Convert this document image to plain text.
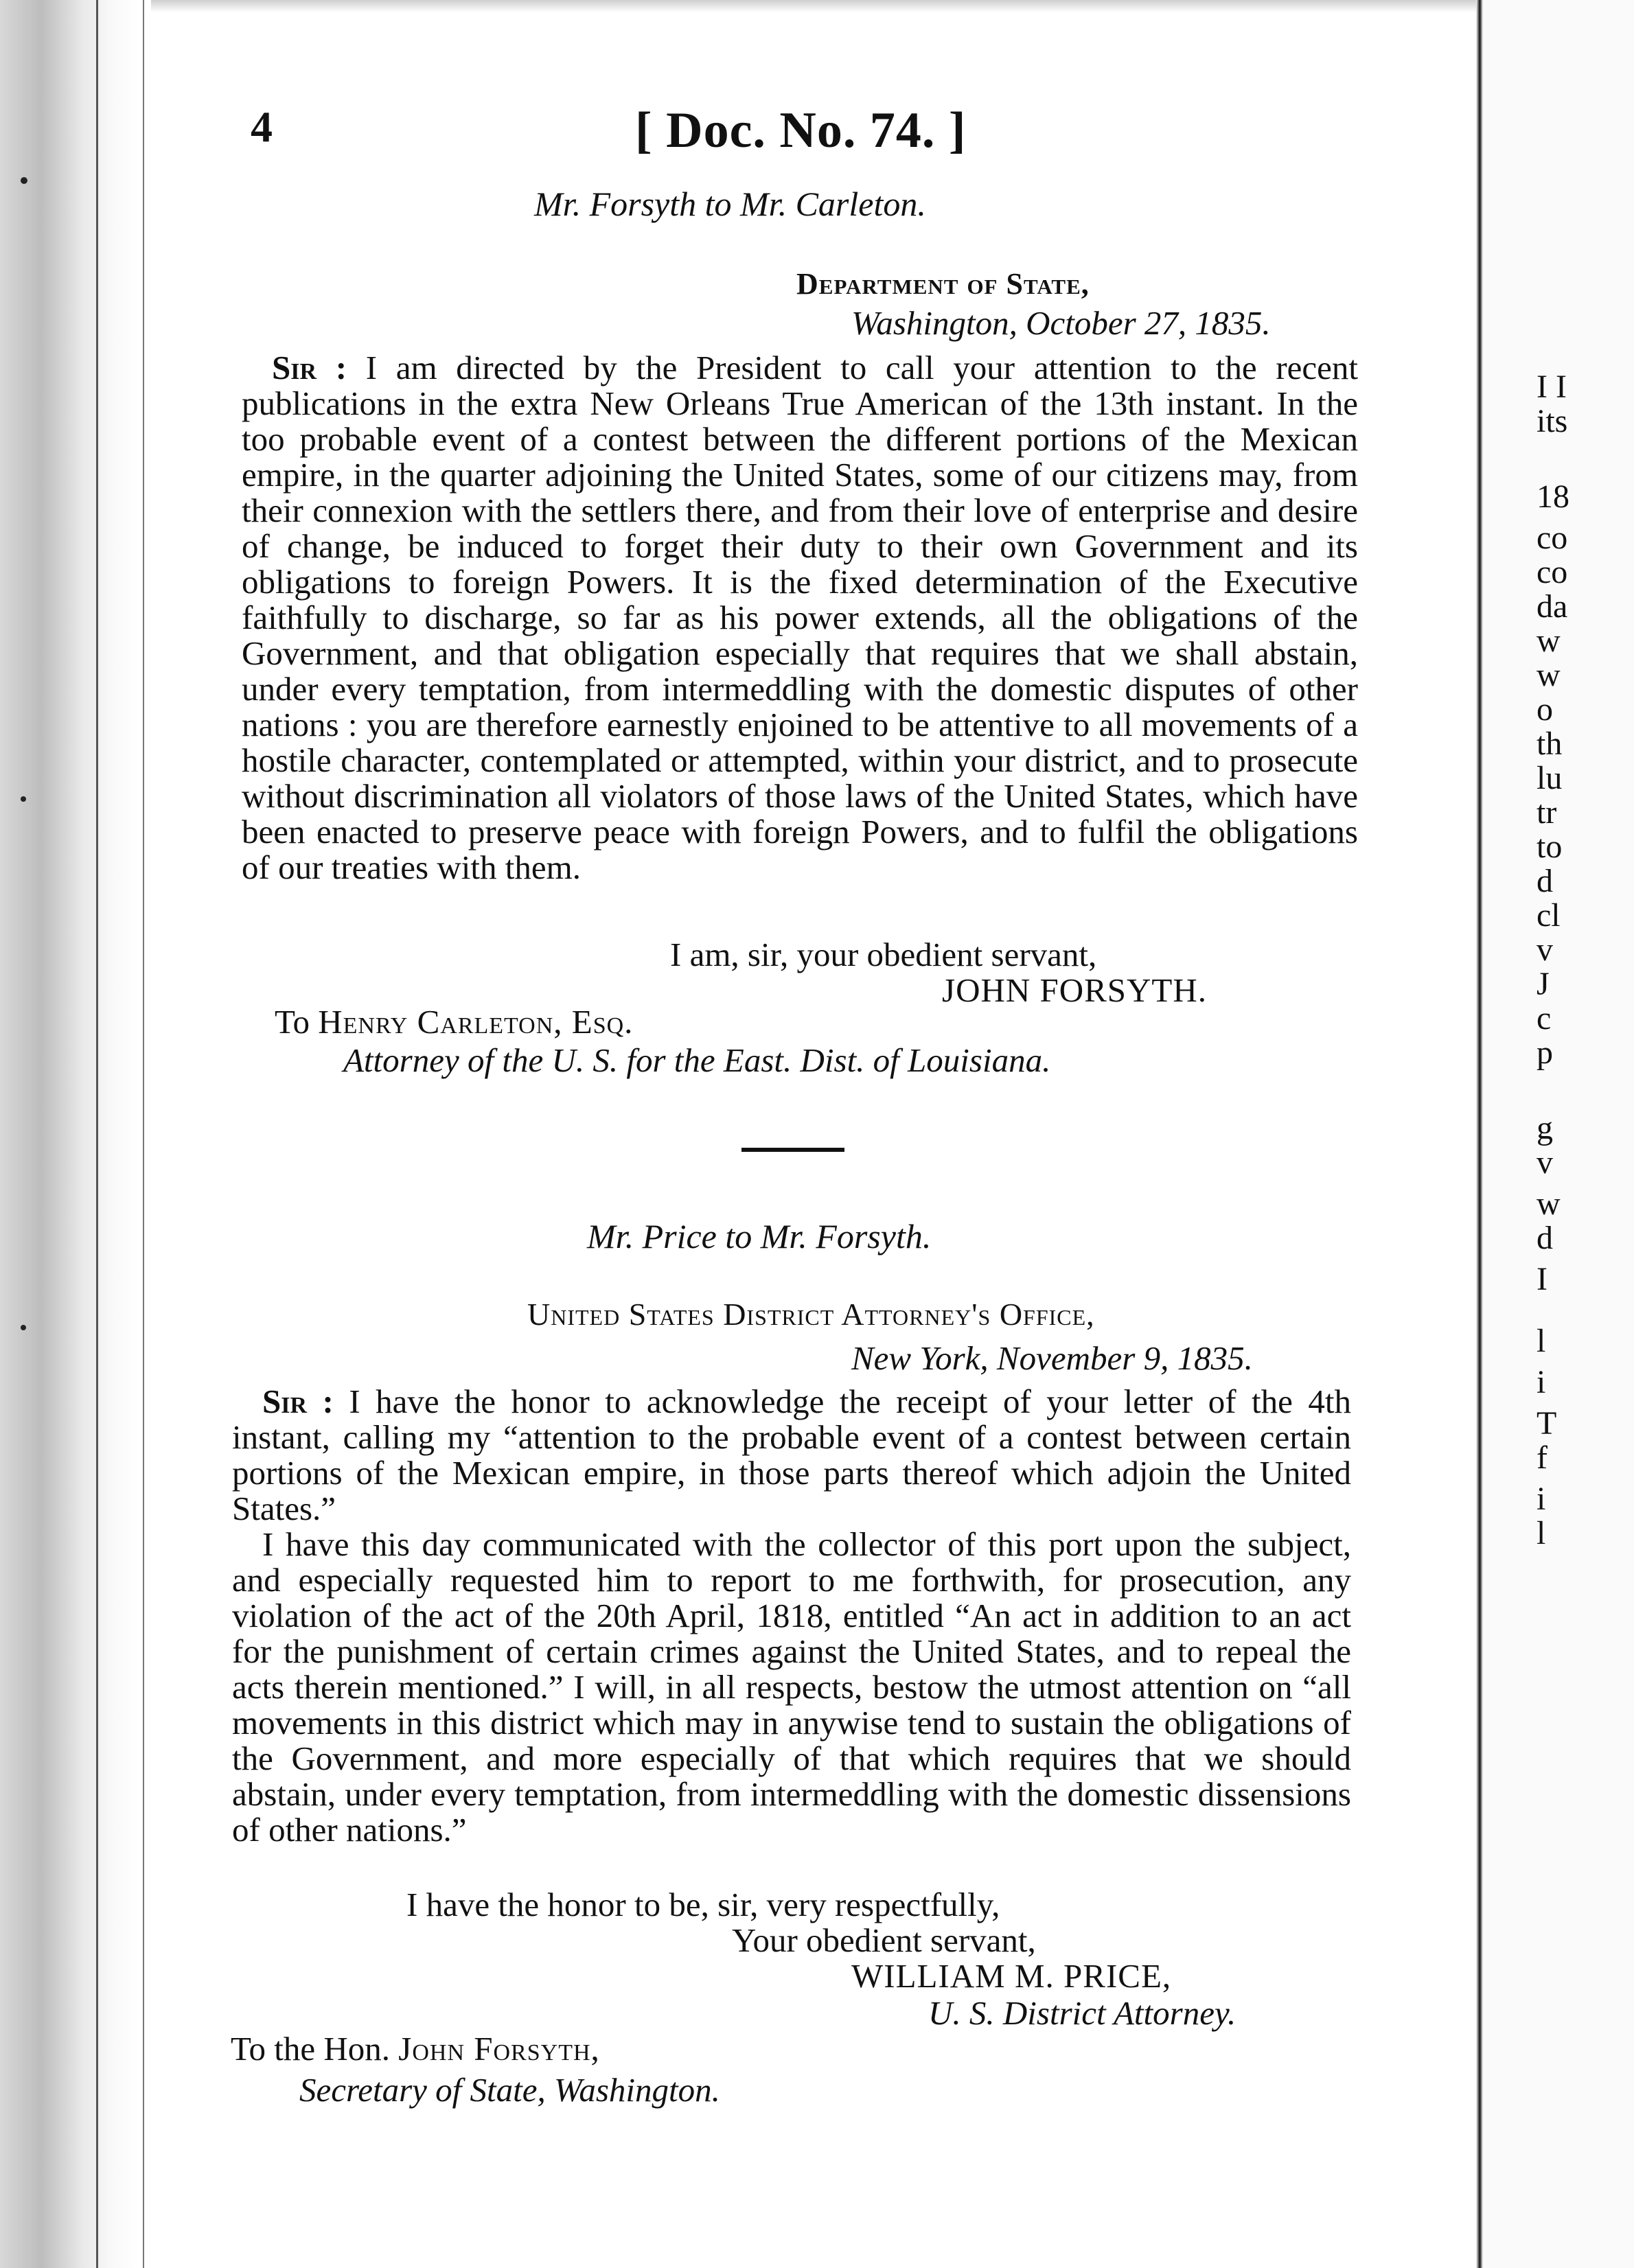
I I
its
18
co
co
da
w
w
o
th
lu
tr
to
d
cl
v
J
c
p
g
v
w
d
I
l
i
T
f
i
l
4	[ Doc. No. 74. ]
Mr. Forsyth to Mr. Carleton.
Department of State,
Washington, October 27, 1835.

Sir : I am directed by the President to call your attention to the recent publications in the extra New Orleans True American of the 13th instant. In the too probable event of a contest between the different portions of the Mexican empire, in the quarter adjoining the United States, some of our citizens may, from their connexion with the settlers there, and from their love of enterprise and desire of change, be induced to forget their duty to their own Government and its obligations to foreign Powers. It is the fixed determination of the Executive faithfully to discharge, so far as his power extends, all the obligations of the Government, and that obligation especially that requires that we shall abstain, under every temptation, from intermeddling with the domestic disputes of other nations : you are therefore earnestly enjoined to be attentive to all movements of a hostile character, contemplated or attempted, within your district, and to prosecute without discrimination all violators of those laws of the United States, which have been enacted to preserve peace with foreign Powers, and to fulfil the obligations of our treaties with them.

I am, sir, your obedient servant,
JOHN FORSYTH.
To Henry Carleton, Esq.
Attorney of the U. S. for the East. Dist. of Louisiana.
Mr. Price to Mr. Forsyth.
United States District Attorney's Office,
New York, November 9, 1835.

Sir : I have the honor to acknowledge the receipt of your letter of the 4th instant, calling my “attention to the probable event of a contest between certain portions of the Mexican empire, in those parts thereof which adjoin the United States.”

I have this day communicated with the collector of this port upon the subject, and especially requested him to report to me forthwith, for prosecution, any violation of the act of the 20th April, 1818, entitled “An act in addition to an act for the punishment of certain crimes against the United States, and to repeal the acts therein mentioned.” I will, in all respects, bestow the utmost attention on “all movements in this district which may in anywise tend to sustain the obligations of the Government, and more especially of that which requires that we should abstain, under every temptation, from intermeddling with the domestic dissensions of other nations.”

I have the honor to be, sir, very respectfully,
Your obedient servant,
WILLIAM M. PRICE,
U. S. District Attorney.
To the Hon. John Forsyth,
Secretary of State, Washington.
